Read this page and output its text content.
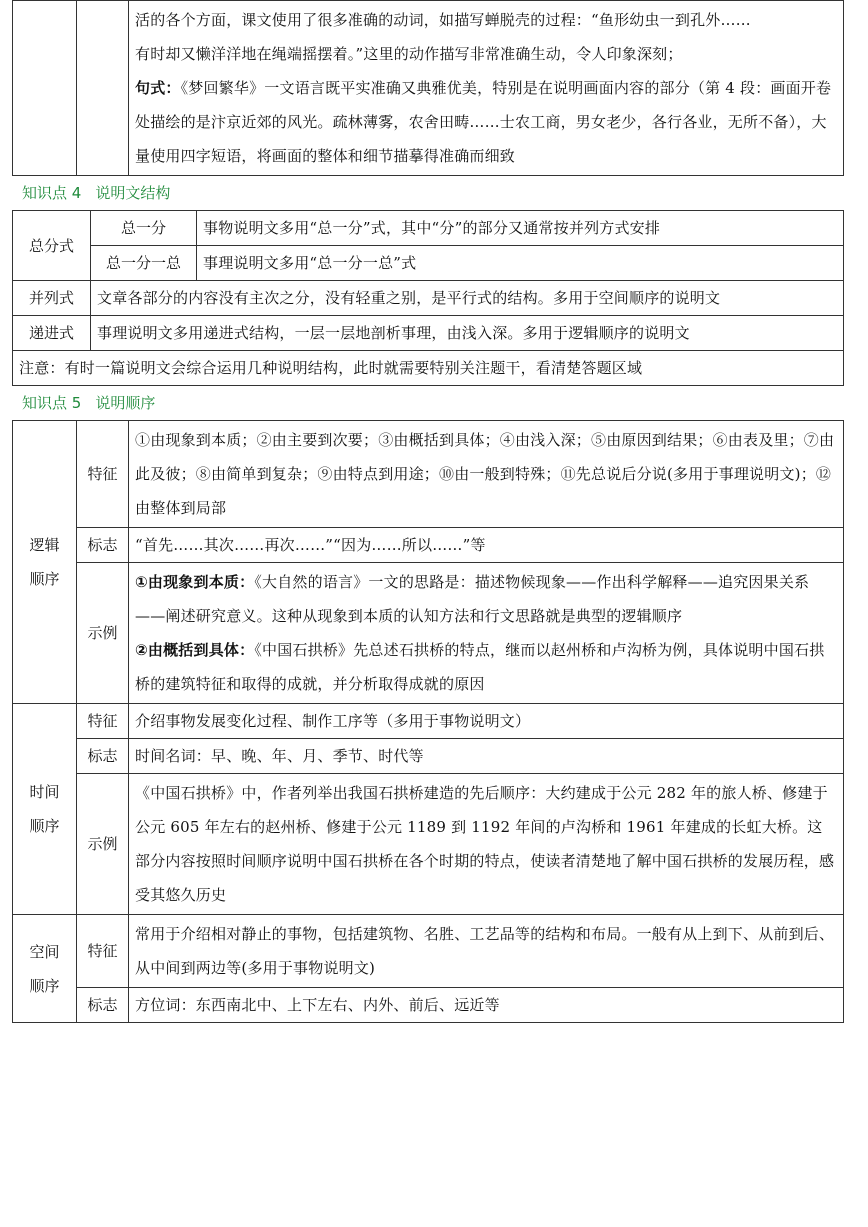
活的各个方面，课文使用了很多准确的动词，如描写蝉脱壳的过程：“鱼形幼虫一到孔外……
有时却又懒洋洋地在绳端摇摆着。”这里的动作描写非常准确生动，令人印象深刻；
句式：《梦回繁华》一文语言既平实准确又典雅优美，特别是在说明画面内容的部分（第 4 段：画面开卷处描绘的是汴京近郊的风光。疏林薄雾，农舍田畴……士农工商，男女老少，各行各业，无所不备），大量使用四字短语，将画面的整体和细节描摹得准确而细致
知识点 4 说明文结构
总分式	总一分	事物说明文多用“总一分”式，其中“分”的部分又通常按并列方式安排
	总一分一总	事理说明文多用“总一分一总”式
并列式	文章各部分的内容没有主次之分，没有轻重之别，是平行式的结构。多用于空间顺序的说明文
递进式	事理说明文多用递进式结构，一层一层地剖析事理，由浅入深。多用于逻辑顺序的说明文
注意：有时一篇说明文会综合运用几种说明结构，此时就需要特别关注题干，看清楚答题区域	
知识点 5 说明顺序
逻辑
顺序	特征	①由现象到本质；②由主要到次要；③由概括到具体；④由浅入深；⑤由原因到结果；⑥由表及里；⑦由此及彼；⑧由简单到复杂；⑨由特点到用途；⑩由一般到特殊；⑪先总说后分说(多用于事理说明文)；⑫由整体到局部
	标志	“首先……其次……再次……”“因为……所以……”等
	示例	①由现象到本质：《大自然的语言》一文的思路是：描述物候现象——作出科学解释——追究因果关系——阐述研究意义。这种从现象到本质的认知方法和行文思路就是典型的逻辑顺序
②由概括到具体：《中国石拱桥》先总述石拱桥的特点，继而以赵州桥和卢沟桥为例，具体说明中国石拱桥的建筑特征和取得的成就，并分析取得成就的原因

时间
顺序	特征	介绍事物发展变化过程、制作工序等（多用于事物说明文）
	标志	时间名词：早、晚、年、月、季节、时代等
	示例	《中国石拱桥》中，作者列举出我国石拱桥建造的先后顺序：大约建成于公元 282 年的旅人桥、修建于公元 605 年左右的赵州桥、修建于公元 1189 到 1192 年间的卢沟桥和 1961 年建成的长虹大桥。这部分内容按照时间顺序说明中国石拱桥在各个时期的特点，使读者清楚地了解中国石拱桥的发展历程，感受其悠久历史

空间
顺序	特征	常用于介绍相对静止的事物，包括建筑物、名胜、工艺品等的结构和布局。一般有从上到下、从前到后、从中间到两边等(多用于事物说明文)
	标志	方位词：东西南北中、上下左右、内外、前后、远近等
